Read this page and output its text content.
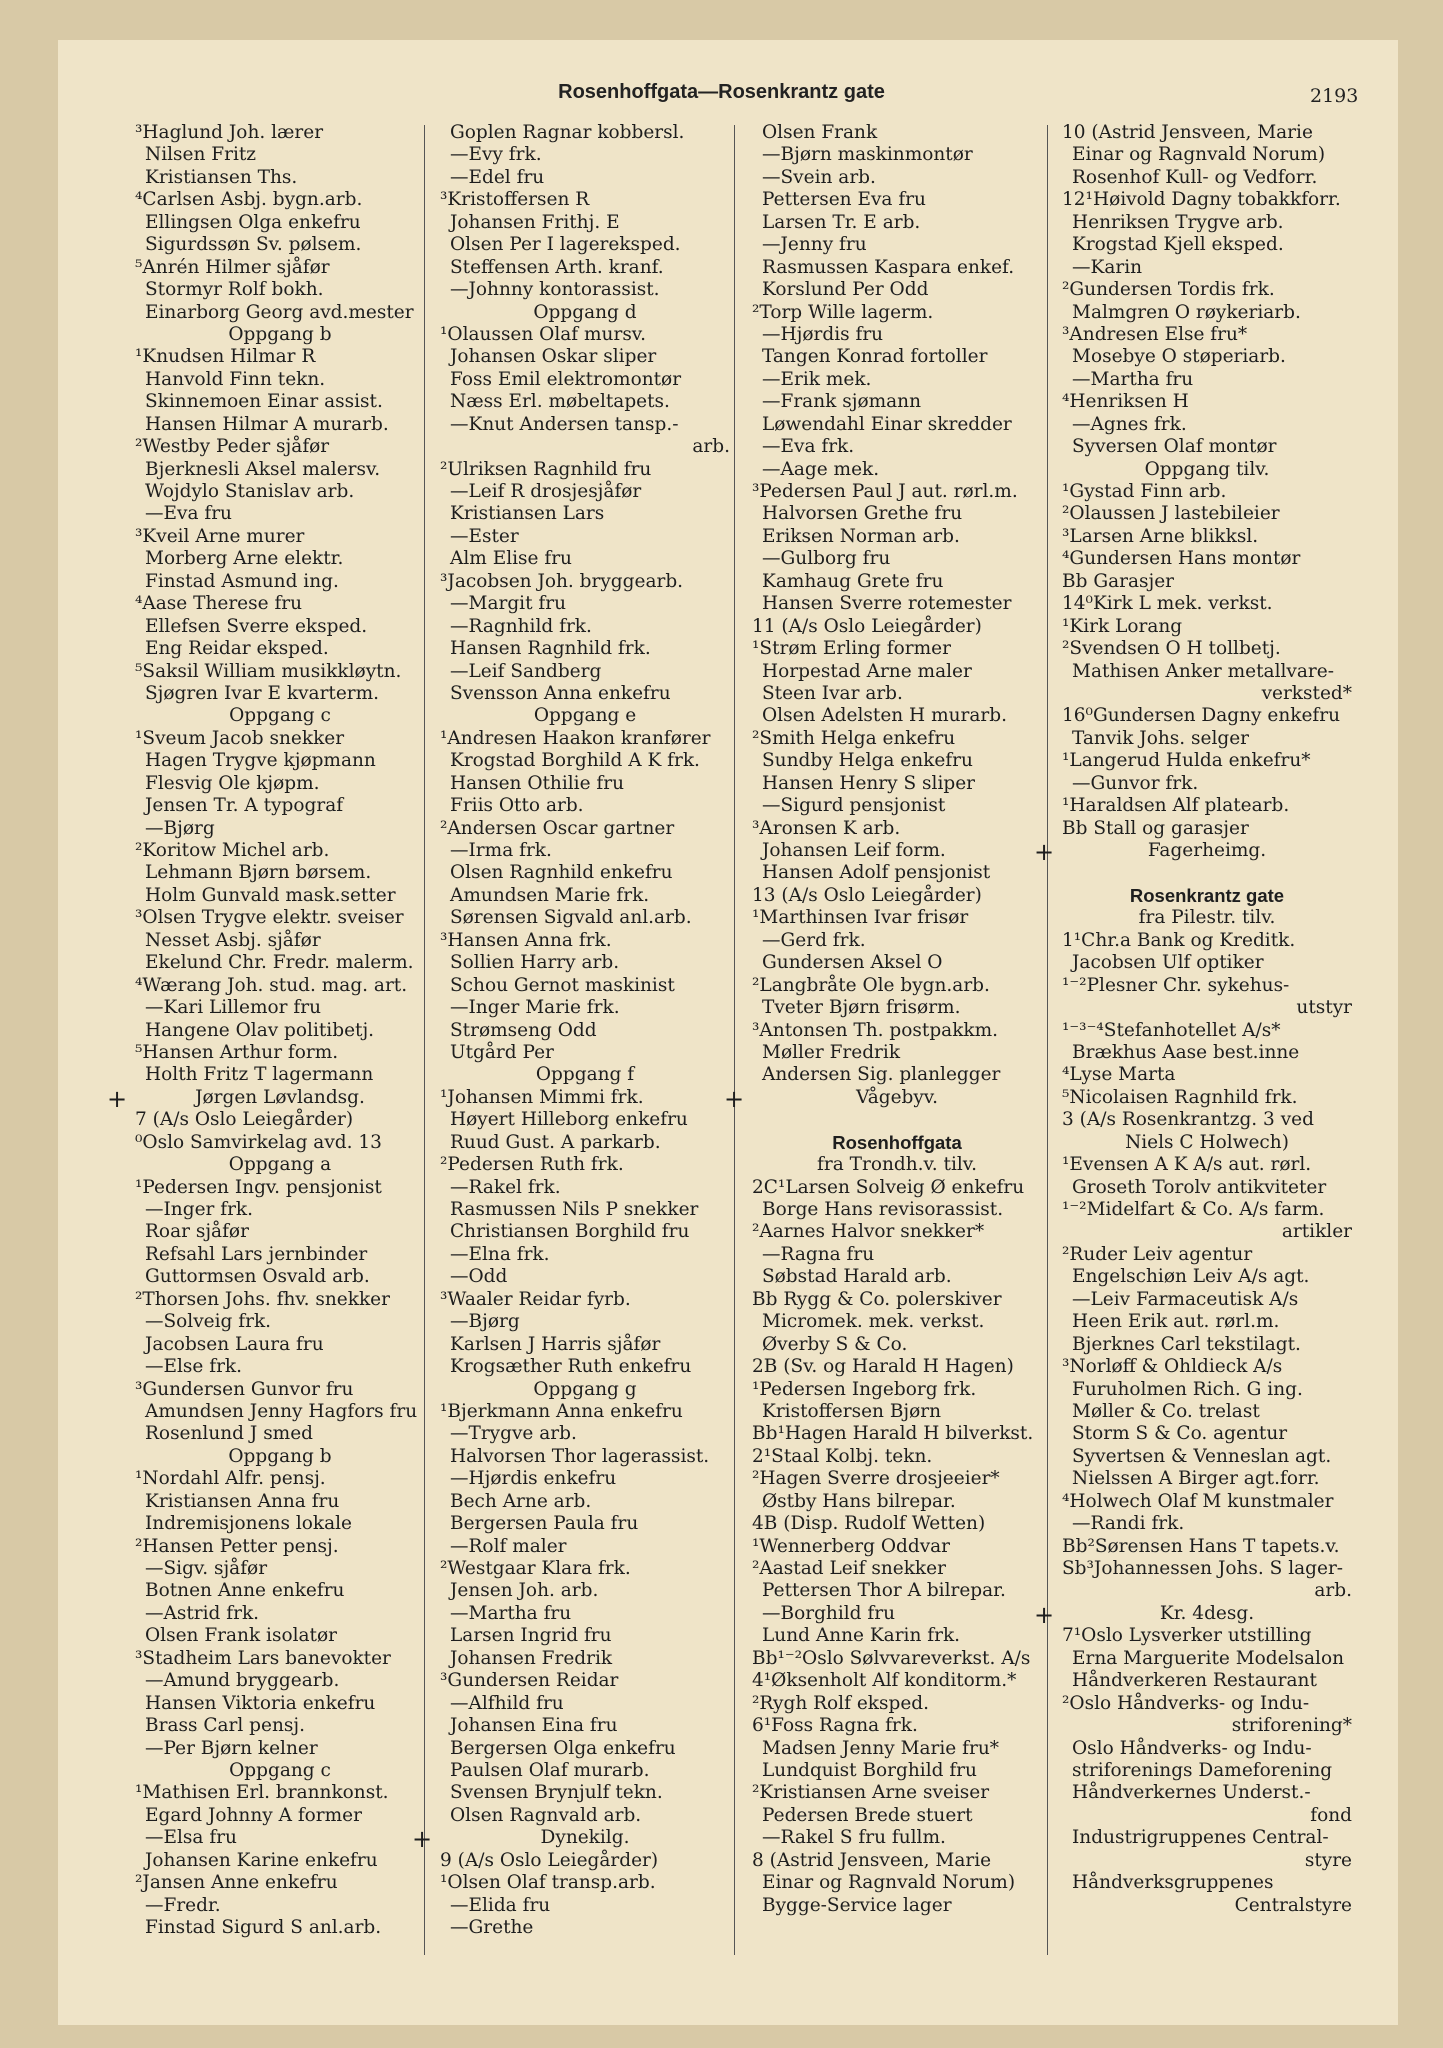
Rosenhoffgata—Rosenkrantz gate	2193
³Haglund Joh. lærer
Nilsen Fritz
Kristiansen Ths.
⁴Carlsen Asbj. bygn.arb.
Ellingsen Olga enkefru
Sigurdssøn Sv. pølsem.
⁵Anrén Hilmer sjåfør
Stormyr Rolf bokh.
Einarborg Georg avd.mester
Oppgang b
¹Knudsen Hilmar R
Hanvold Finn tekn.
Skinnemoen Einar assist.
Hansen Hilmar A murarb.
²Westby Peder sjåfør
Bjerknesli Aksel malersv.
Wojdylo Stanislav arb.
—Eva fru
³Kveil Arne murer
Morberg Arne elektr.
Finstad Asmund ing.
⁴Aase Therese fru
Ellefsen Sverre eksped.
Eng Reidar eksped.
⁵Saksil William musikkløytn.
Sjøgren Ivar E kvarterm.
Oppgang c
¹Sveum Jacob snekker
Hagen Trygve kjøpmann
Flesvig Ole kjøpm.
Jensen Tr. A typograf
—Bjørg
²Koritow Michel arb.
Lehmann Bjørn børsem.
Holm Gunvald mask.setter
³Olsen Trygve elektr. sveiser
Nesset Asbj. sjåfør
Ekelund Chr. Fredr. malerm.
⁴Wærang Joh. stud. mag. art.
—Kari Lillemor fru
Hangene Olav politibetj.
⁵Hansen Arthur form.
Holth Fritz T lagermann
+	Jørgen Løvlandsg.
7 (A/s Oslo Leiegårder)
⁰Oslo Samvirkelag avd. 13
Oppgang a
¹Pedersen Ingv. pensjonist
—Inger frk.
Roar sjåfør
Refsahl Lars jernbinder
Guttormsen Osvald arb.
²Thorsen Johs. fhv. snekker
—Solveig frk.
Jacobsen Laura fru
—Else frk.
³Gundersen Gunvor fru
Amundsen Jenny Hagfors fru
Rosenlund J smed
Oppgang b
¹Nordahl Alfr. pensj.
Kristiansen Anna fru
Indremisjonens lokale
²Hansen Petter pensj.
—Sigv. sjåfør
Botnen Anne enkefru
—Astrid frk.
Olsen Frank isolatør
³Stadheim Lars banevokter
—Amund bryggearb.
Hansen Viktoria enkefru
Brass Carl pensj.
—Per Bjørn kelner
Oppgang c
¹Mathisen Erl. brannkonst.
Egard Johnny A former
—Elsa fru
Johansen Karine enkefru
²Jansen Anne enkefru
—Fredr.
Finstad Sigurd S anl.arb.
Goplen Ragnar kobbersl.
—Evy frk.
—Edel fru
³Kristoffersen R
Johansen Frithj. E
Olsen Per I lagereksped.
Steffensen Arth. kranf.
—Johnny kontorassist.
Oppgang d
¹Olaussen Olaf mursv.
Johansen Oskar sliper
Foss Emil elektromontør
Næss Erl. møbeltapets.
—Knut Andersen tansp.-
arb.
²Ulriksen Ragnhild fru
—Leif R drosjesjåfør
Kristiansen Lars
—Ester
Alm Elise fru
³Jacobsen Joh. bryggearb.
—Margit fru
—Ragnhild frk.
Hansen Ragnhild frk.
—Leif Sandberg
Svensson Anna enkefru
Oppgang e
¹Andresen Haakon kranfører
Krogstad Borghild A K frk.
Hansen Othilie fru
Friis Otto arb.
²Andersen Oscar gartner
—Irma frk.
Olsen Ragnhild enkefru
Amundsen Marie frk.
Sørensen Sigvald anl.arb.
³Hansen Anna frk.
Sollien Harry arb.
Schou Gernot maskinist
—Inger Marie frk.
Strømseng Odd
Utgård Per
Oppgang f
¹Johansen Mimmi frk.
Høyert Hilleborg enkefru
Ruud Gust. A parkarb.
²Pedersen Ruth frk.
—Rakel frk.
Rasmussen Nils P snekker
Christiansen Borghild fru
—Elna frk.
—Odd
³Waaler Reidar fyrb.
—Bjørg
Karlsen J Harris sjåfør
Krogsæther Ruth enkefru
Oppgang g
¹Bjerkmann Anna enkefru
—Trygve arb.
Halvorsen Thor lagerassist.
—Hjørdis enkefru
Bech Arne arb.
Bergersen Paula fru
—Rolf maler
²Westgaar Klara frk.
Jensen Joh. arb.
—Martha fru
Larsen Ingrid fru
Johansen Fredrik
³Gundersen Reidar
—Alfhild fru
Johansen Eina fru
Bergersen Olga enkefru
Paulsen Olaf murarb.
Svensen Brynjulf tekn.
Olsen Ragnvald arb.
+	Dynekilg.
9 (A/s Oslo Leiegårder)
¹Olsen Olaf transp.arb.
—Elida fru
—Grethe
Olsen Frank
—Bjørn maskinmontør
—Svein arb.
Pettersen Eva fru
Larsen Tr. E arb.
—Jenny fru
Rasmussen Kaspara enkef.
Korslund Per Odd
²Torp Wille lagerm.
—Hjørdis fru
Tangen Konrad fortoller
—Erik mek.
—Frank sjømann
Løwendahl Einar skredder
—Eva frk.
—Aage mek.
³Pedersen Paul J aut. rørl.m.
Halvorsen Grethe fru
Eriksen Norman arb.
—Gulborg fru
Kamhaug Grete fru
Hansen Sverre rotemester
11 (A/s Oslo Leiegårder)
¹Strøm Erling former
Horpestad Arne maler
Steen Ivar arb.
Olsen Adelsten H murarb.
²Smith Helga enkefru
Sundby Helga enkefru
Hansen Henry S sliper
—Sigurd pensjonist
³Aronsen K arb.
Johansen Leif form.
Hansen Adolf pensjonist
13 (A/s Oslo Leiegårder)
¹Marthinsen Ivar frisør
—Gerd frk.
Gundersen Aksel O
²Langbråte Ole bygn.arb.
Tveter Bjørn frisørm.
³Antonsen Th. postpakkm.
Møller Fredrik
Andersen Sig. planlegger
+	Vågebyv.
Rosenhoffgata
fra Trondh.v. tilv.
2C¹Larsen Solveig Ø enkefru
Borge Hans revisorassist.
²Aarnes Halvor snekker*
—Ragna fru
Søbstad Harald arb.
Bb Rygg & Co. polerskiver
Micromek. mek. verkst.
Øverby S & Co.
2B (Sv. og Harald H Hagen)
¹Pedersen Ingeborg frk.
Kristoffersen Bjørn
Bb¹Hagen Harald H bilverkst.
2¹Staal Kolbj. tekn.
²Hagen Sverre drosjeeier*
Østby Hans bilrepar.
4B (Disp. Rudolf Wetten)
¹Wennerberg Oddvar
²Aastad Leif snekker
Pettersen Thor A bilrepar.
—Borghild fru
Lund Anne Karin frk.
Bb¹⁻²Oslo Sølvvareverkst. A/s
4¹Øksenholt Alf konditorm.*
²Rygh Rolf eksped.
6¹Foss Ragna frk.
Madsen Jenny Marie fru*
Lundquist Borghild fru
²Kristiansen Arne sveiser
Pedersen Brede stuert
—Rakel S fru fullm.
8 (Astrid Jensveen, Marie
Einar og Ragnvald Norum)
Bygge-Service lager
10 (Astrid Jensveen, Marie
Einar og Ragnvald Norum)
Rosenhof Kull- og Vedforr.
12¹Høivold Dagny tobakkforr.
Henriksen Trygve arb.
Krogstad Kjell eksped.
—Karin
²Gundersen Tordis frk.
Malmgren O røykeriarb.
³Andresen Else fru*
Mosebye O støperiarb.
—Martha fru
⁴Henriksen H
—Agnes frk.
Syversen Olaf montør
Oppgang tilv.
¹Gystad Finn arb.
²Olaussen J lastebileier
³Larsen Arne blikksl.
⁴Gundersen Hans montør
Bb Garasjer
14⁰Kirk L mek. verkst.
¹Kirk Lorang
²Svendsen O H tollbetj.
Mathisen Anker metallvare-
verksted*
16⁰Gundersen Dagny enkefru
Tanvik Johs. selger
¹Langerud Hulda enkefru*
—Gunvor frk.
¹Haraldsen Alf platearb.
Bb Stall og garasjer
+	Fagerheimg.
Rosenkrantz gate
fra Pilestr. tilv.
1¹Chr.a Bank og Kreditk.
Jacobsen Ulf optiker
¹⁻²Plesner Chr. sykehus-
utstyr
¹⁻³⁻⁴Stefanhotellet A/s*
Brækhus Aase best.inne
⁴Lyse Marta
⁵Nicolaisen Ragnhild frk.
3 (A/s Rosenkrantzg. 3 ved
Niels C Holwech)
¹Evensen A K A/s aut. rørl.
Groseth Torolv antikviteter
¹⁻²Midelfart & Co. A/s farm.
artikler
²Ruder Leiv agentur
Engelschiøn Leiv A/s agt.
—Leiv Farmaceutisk A/s
Heen Erik aut. rørl.m.
Bjerknes Carl tekstilagt.
³Norløff & Ohldieck A/s
Furuholmen Rich. G ing.
Møller & Co. trelast
Storm S & Co. agentur
Syvertsen & Venneslan agt.
Nielssen A Birger agt.forr.
⁴Holwech Olaf M kunstmaler
—Randi frk.
Bb²Sørensen Hans T tapets.v.
Sb³Johannessen Johs. S lager-
arb.
+	Kr. 4desg.
7¹Oslo Lysverker utstilling
Erna Marguerite Modelsalon
Håndverkeren Restaurant
²Oslo Håndverks- og Indu-
striforening*
Oslo Håndverks- og Indu-
striforenings Dameforening
Håndverkernes Underst.-
fond
Industrigruppenes Central-
styre
Håndverksgruppenes
Centralstyre
